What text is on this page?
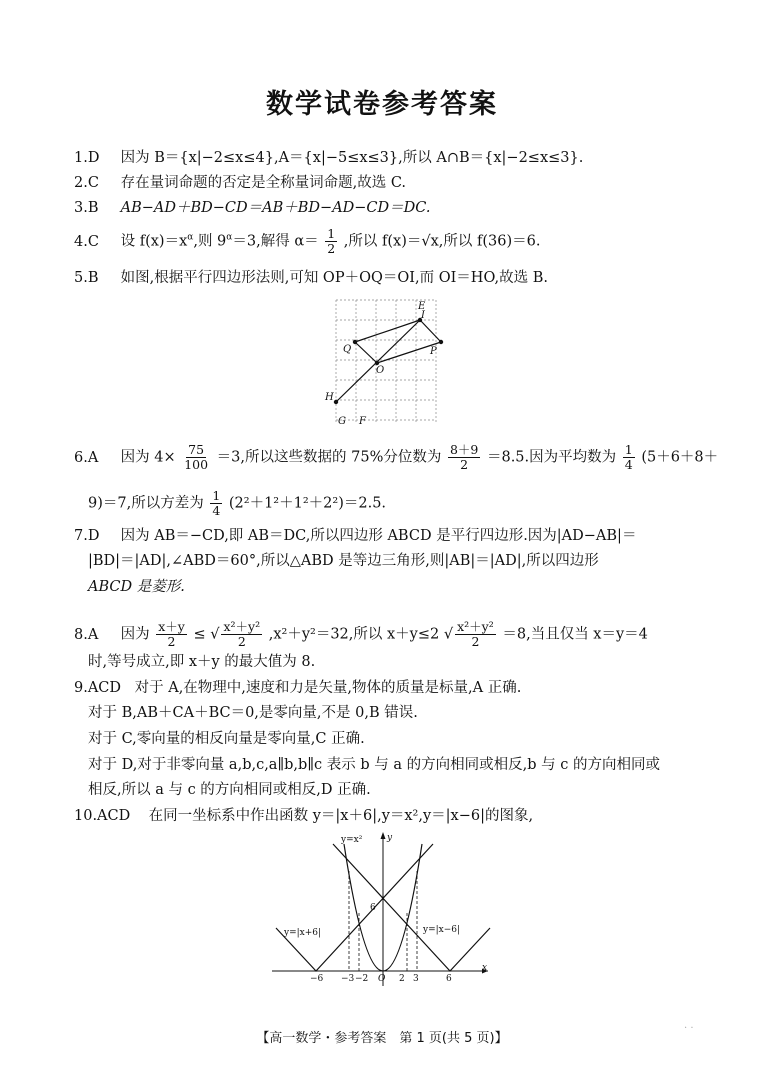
数学试卷参考答案
1.D 因为 B＝{x|−2≤x≤4},A＝{x|−5≤x≤3},所以 A∩B＝{x|−2≤x≤3}.
2.C 存在量词命题的否定是全称量词命题,故选 C.
3.B AB−AD＋BD−CD＝AB＋BD−AD−CD＝DC.
4.C 设 $f(x)=x^\alpha$,则 $9^\alpha=3$,解得 $\alpha= \frac{1}{2}$ ,所以 f(x)＝√x,所以 f(36)＝6.
5.B 如图,根据平行四边形法则,可知 OP＋OQ＝OI,而 OI＝HO,故选 B.
E
I
Q	P
O
H
G F
6.A 因为 $4\times \frac{75}{100} =3$,所以这些数据的 75%分位数为 $\frac{8+9}{2} =8.5$.因为平均数为 $\frac{1}{4} (5+6+8+$
9)＝7,所以方差为 $\frac{1}{4} (2^2+1^2+1^2+2^2)=2.5$.
7.D 因为 AB＝−CD,即 AB＝DC,所以四边形 ABCD 是平行四边形.因为|AD−AB|＝
|BD|＝|AD|,∠ABD＝60°,所以△ABD 是等边三角形,则|AB|＝|AD|,所以四边形
ABCD 是菱形.
8.A 因为 $\frac{x+y}{2}$ ≤ √ $\frac{\text{x²＋y²}}{2} ,x^2+y^2=32$,所以 x＋y≤2 √ $\frac{\text{x²＋y²}}{2} =8$,当且仅当 x＝y＝4
时,等号成立,即 x＋y 的最大值为 8.
9.ACD 对于 A,在物理中,速度和力是矢量,物体的质量是标量,A 正确.
对于 B,AB＋CA＋BC＝0,是零向量,不是 0,B 错误.
对于 C,零向量的相反向量是零向量,C 正确.
对于 D,对于非零向量 a,b,c,a∥b,b∥c 表示 b 与 a 的方向相同或相反,b 与 c 的方向相同或
相反,所以 a 与 c 的方向相同或相反,D 正确.
10.ACD 在同一坐标系中作出函数 y＝|x＋6|,y＝x²,y＝|x−6|的图象,
y=x²	y
y=|x+6|	y=|x−6|
x
6
O
−6 −3 −2	2 3	6
【高一数学・参考答案　第 1 页(共 5 页)】
. .
